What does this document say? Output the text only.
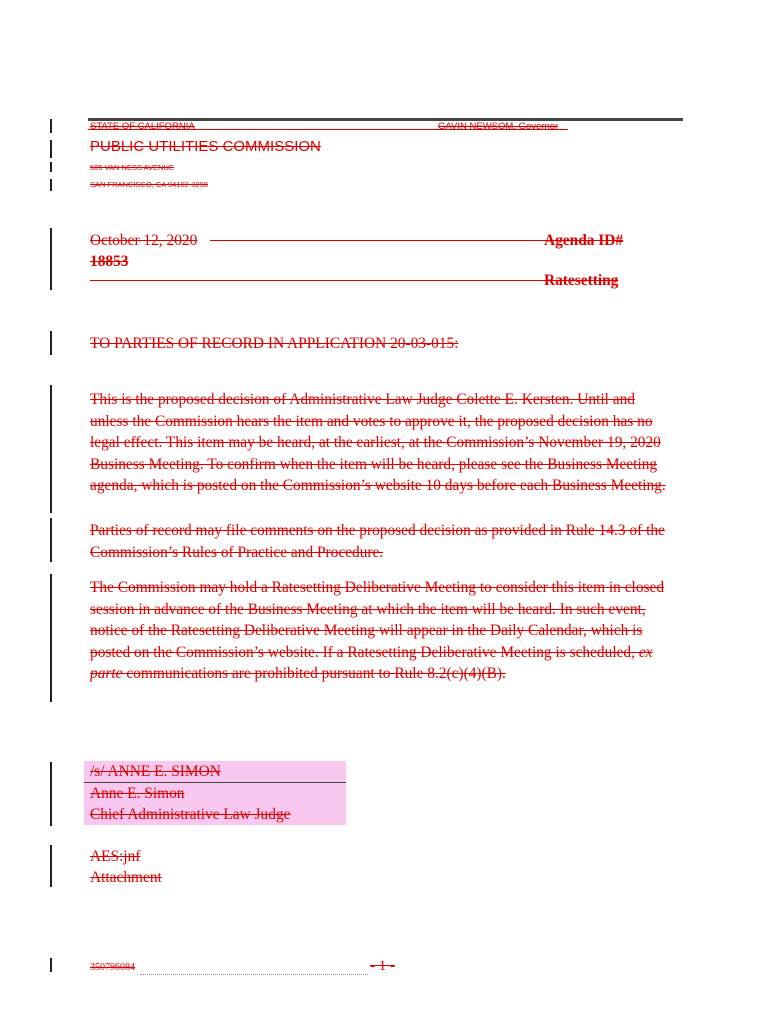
STATE OF CALIFORNIA	GAVIN NEWSOM, Governor
PUBLIC UTILITIES COMMISSION
505 VAN NESS AVENUE
SAN FRANCISCO, CA 94102-3298
October 12, 2020	Agenda ID#
18853
Ratesetting
TO PARTIES OF RECORD IN APPLICATION 20-03-015:

This is the proposed decision of Administrative Law Judge Colette E. Kersten. Until and unless the Commission hears the item and votes to approve it, the proposed decision has no legal effect. This item may be heard, at the earliest, at the Commission’s November 19, 2020 Business Meeting. To confirm when the item will be heard, please see the Business Meeting agenda, which is posted on the Commission’s website 10 days before each Business Meeting.

Parties of record may file comments on the proposed decision as provided in Rule 14.3 of the Commission’s Rules of Practice and Procedure.

The Commission may hold a Ratesetting Deliberative Meeting to consider this item in closed session in advance of the Business Meeting at which the item will be heard. In such event, notice of the Ratesetting Deliberative Meeting will appear in the Daily Calendar, which is posted on the Commission’s website. If a Ratesetting Deliberative Meeting is scheduled, ex parte communications are prohibited pursuant to Rule 8.2(c)(4)(B).

/s/ ANNE E. SIMON
Anne E. Simon
Chief Administrative Law Judge
AES:jnf
Attachment
350796084	- 1 -
